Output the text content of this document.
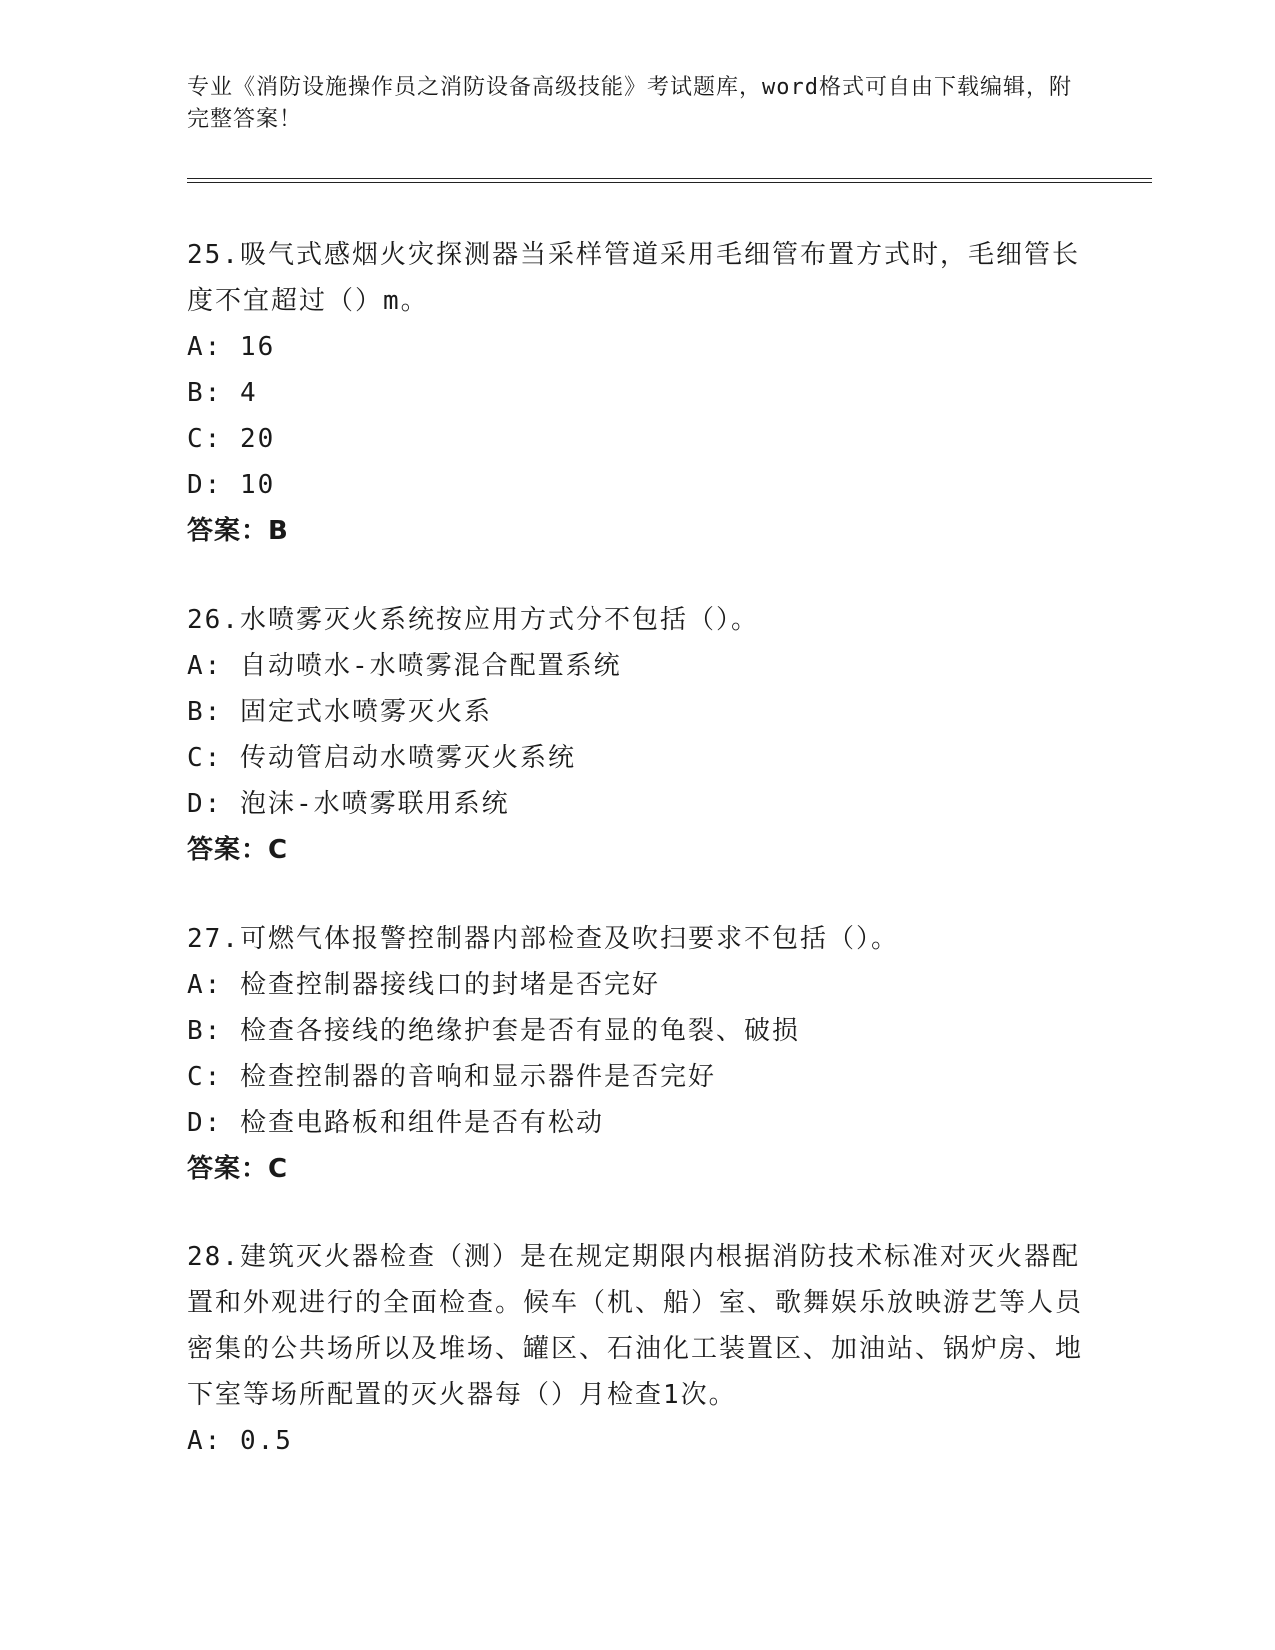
专业《消防设施操作员之消防设备高级技能》考试题库，word格式可自由下载编辑，附完整答案！

25.吸气式感烟火灾探测器当采样管道采用毛细管布置方式时，毛细管长度不宜超过（）m。

A: 16

B: 4

C: 20

D: 10

答案：B

26.水喷雾灭火系统按应用方式分不包括（）。

A: 自动喷水-水喷雾混合配置系统

B: 固定式水喷雾灭火系

C: 传动管启动水喷雾灭火系统

D: 泡沫-水喷雾联用系统

答案：C

27.可燃气体报警控制器内部检查及吹扫要求不包括（）。

A: 检查控制器接线口的封堵是否完好

B: 检查各接线的绝缘护套是否有显的龟裂、破损

C: 检查控制器的音响和显示器件是否完好

D: 检查电路板和组件是否有松动

答案：C

28.建筑灭火器检查（测）是在规定期限内根据消防技术标准对灭火器配置和外观进行的全面检查。候车（机、船）室、歌舞娱乐放映游艺等人员密集的公共场所以及堆场、罐区、石油化工装置区、加油站、锅炉房、地下室等场所配置的灭火器每（）月检查1次。

A: 0.5
